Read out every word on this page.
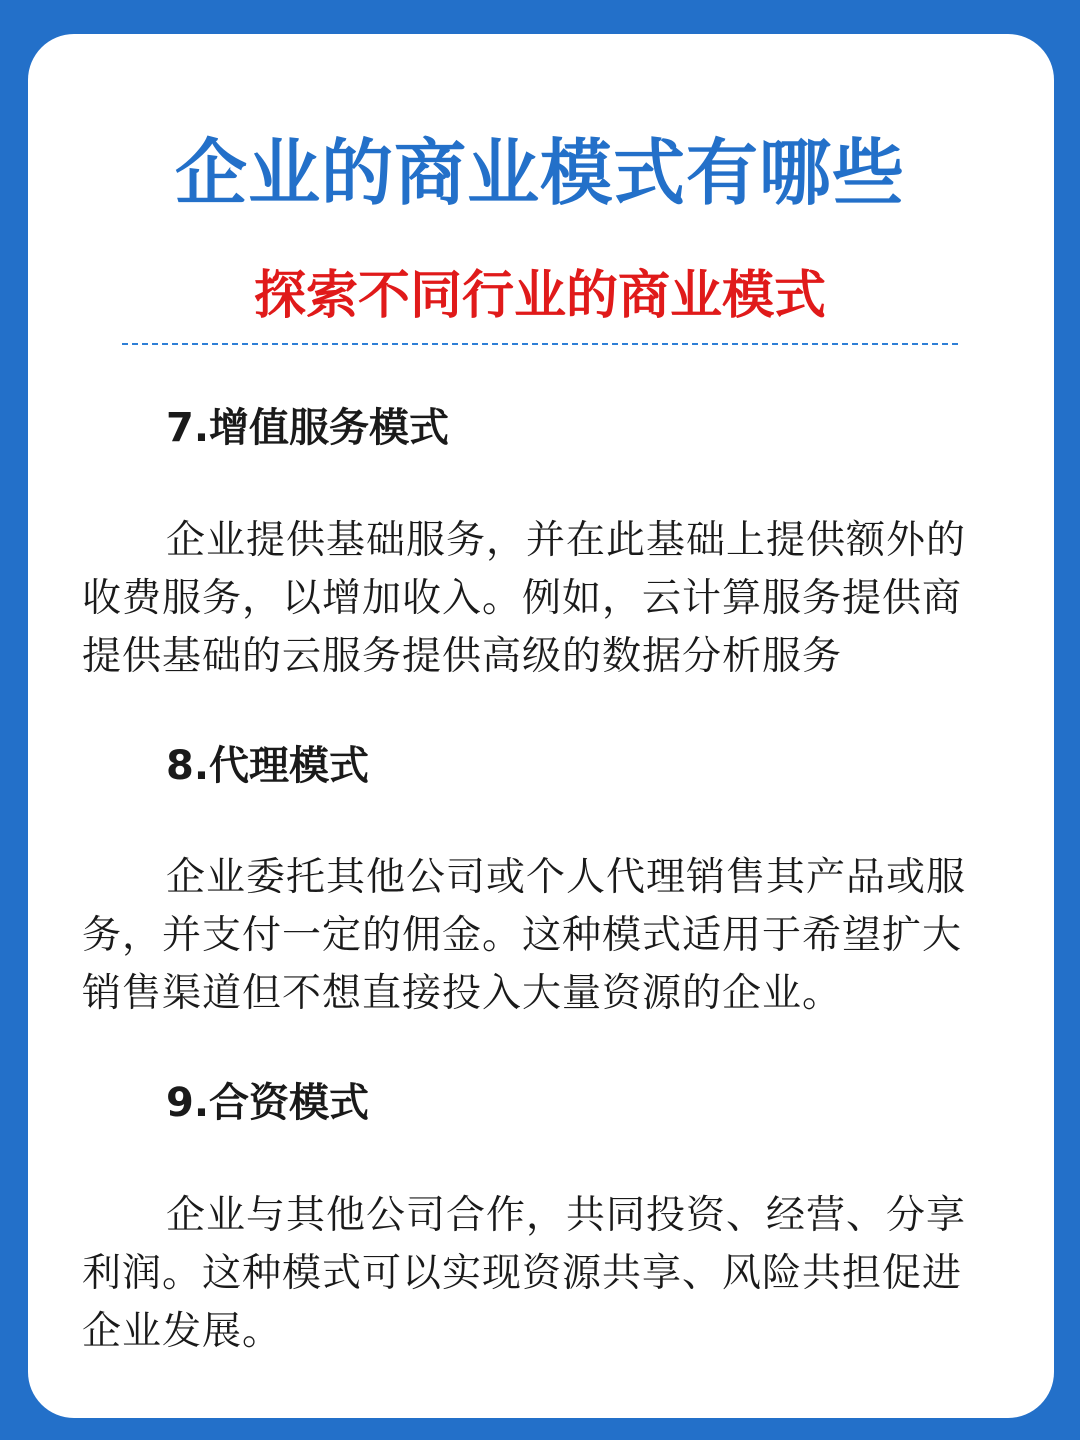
企业的商业模式有哪些
探索不同行业的商业模式
7.增值服务模式
企业提供基础服务，并在此基础上提供额外的收费服务，以增加收入。例如，云计算服务提供商提供基础的云服务提供高级的数据分析服务
8.代理模式
企业委托其他公司或个人代理销售其产品或服务，并支付一定的佣金。这种模式适用于希望扩大销售渠道但不想直接投入大量资源的企业。
9.合资模式
企业与其他公司合作，共同投资、经营、分享利润。这种模式可以实现资源共享、风险共担促进企业发展。
